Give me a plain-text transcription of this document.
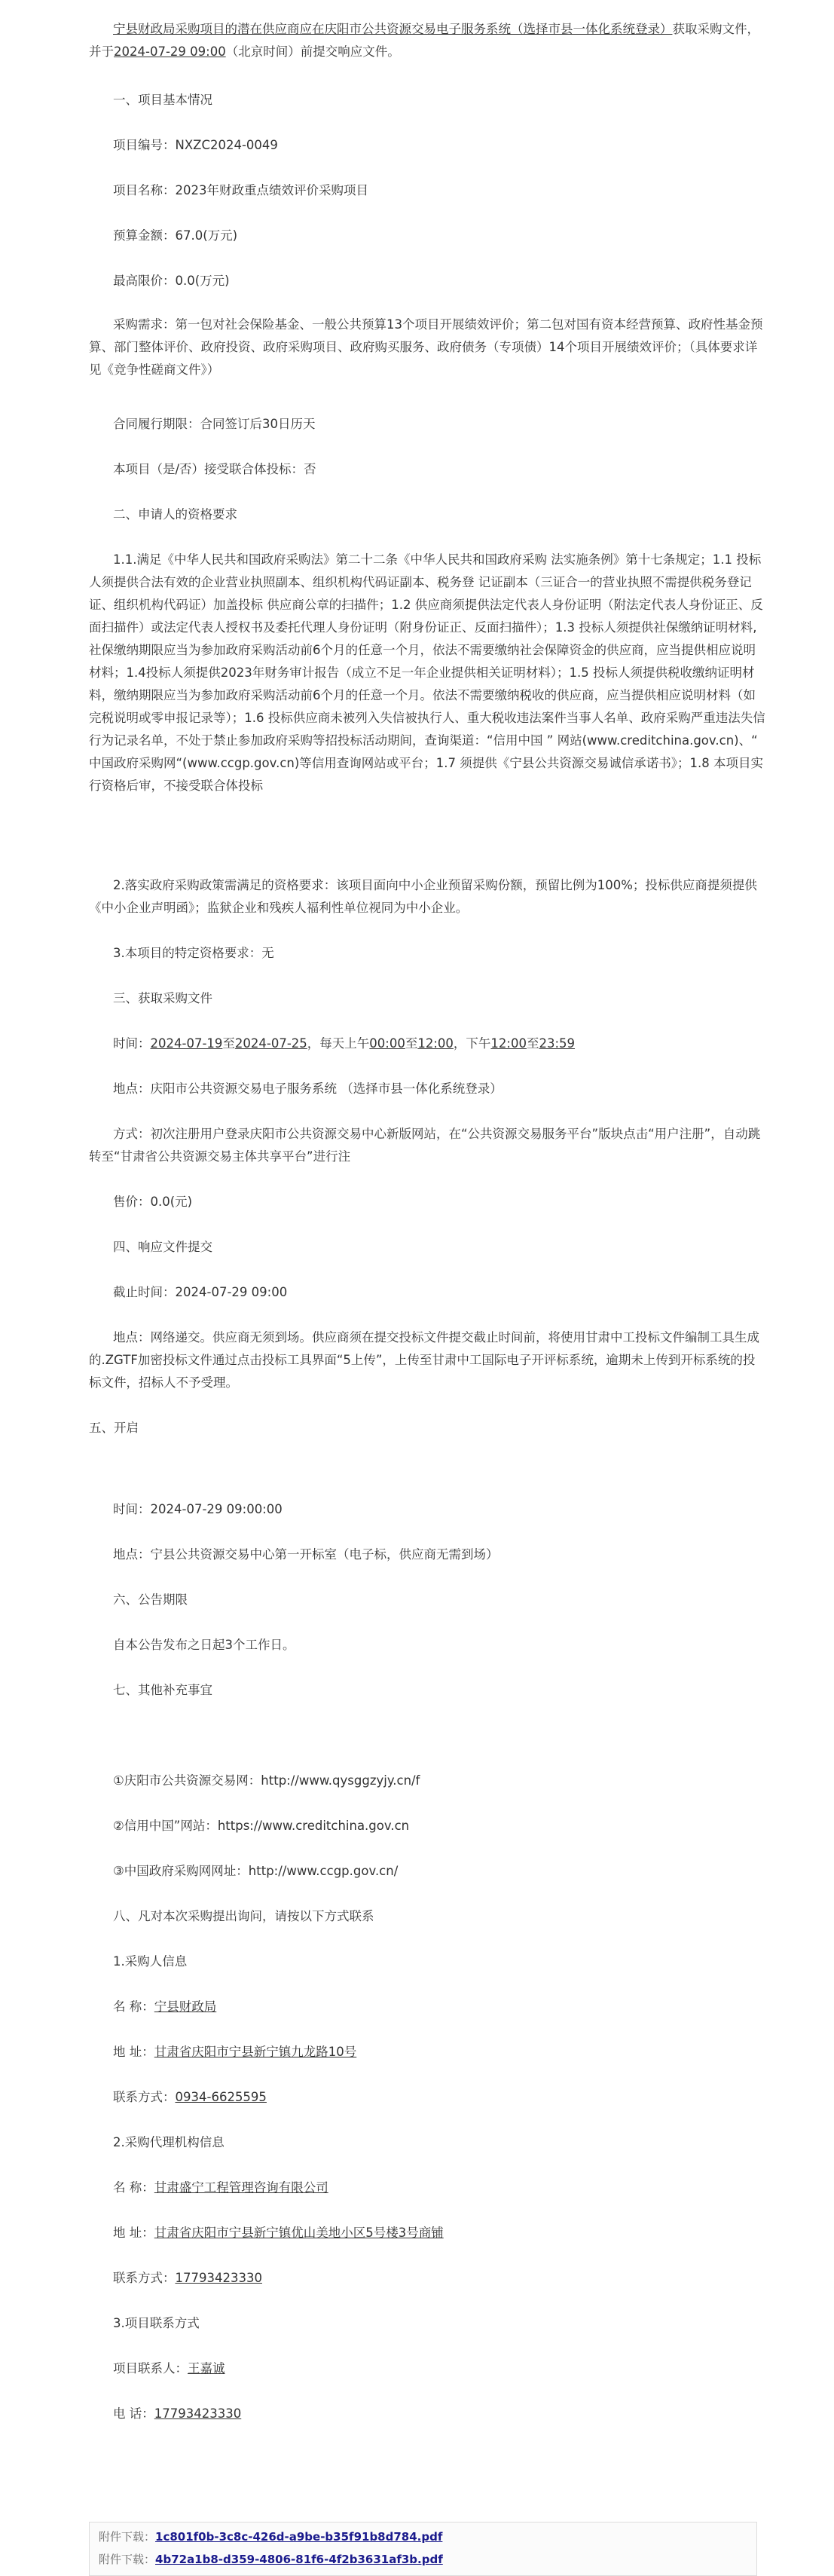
宁县财政局采购项目的潜在供应商应在庆阳市公共资源交易电子服务系统（选择市县一体化系统登录）获取采购文件，并于2024-07-29 09:00（北京时间）前提交响应文件。

一、项目基本情况

项目编号：NXZC2024-0049

项目名称：2023年财政重点绩效评价采购项目

预算金额：67.0(万元)

最高限价：0.0(万元)

采购需求：第一包对社会保险基金、一般公共预算13个项目开展绩效评价；第二包对国有资本经营预算、政府性基金预算、部门整体评价、政府投资、政府采购项目、政府购买服务、政府债务（专项债）14个项目开展绩效评价；（具体要求详见《竞争性磋商文件》）

合同履行期限：合同签订后30日历天

本项目（是/否）接受联合体投标：否

二、申请人的资格要求

1.1.满足《中华人民共和国政府采购法》第二十二条《中华人民共和国政府采购 法实施条例》第十七条规定；1.1 投标人须提供合法有效的企业营业执照副本、组织机构代码证副本、税务登 记证副本（三证合一的营业执照不需提供税务登记证、组织机构代码证）加盖投标 供应商公章的扫描件；1.2 供应商须提供法定代表人身份证明（附法定代表人身份证正、反面扫描件）或法定代表人授权书及委托代理人身份证明（附身份证正、反面扫描件）；1.3 投标人须提供社保缴纳证明材料,社保缴纳期限应当为参加政府采购活动前6个月的任意一个月，依法不需要缴纳社会保障资金的供应商，应当提供相应说明材料；1.4投标人须提供2023年财务审计报告（成立不足一年企业提供相关证明材料）；1.5 投标人须提供税收缴纳证明材料，缴纳期限应当为参加政府采购活动前6个月的任意一个月。依法不需要缴纳税收的供应商，应当提供相应说明材料（如完税说明或零申报记录等）；1.6 投标供应商未被列入失信被执行人、重大税收违法案件当事人名单、政府采购严重违法失信行为记录名单，不处于禁止参加政府采购等招投标活动期间，查询渠道：“信用中国 ” 网站(www.creditchina.gov.cn)、“ 中国政府采购网“(www.ccgp.gov.cn)等信用查询网站或平台；1.7 须提供《宁县公共资源交易诚信承诺书》；1.8 本项目实行资格后审，不接受联合体投标

2.落实政府采购政策需满足的资格要求：该项目面向中小企业预留采购份额，预留比例为100%；投标供应商提须提供《中小企业声明函》；监狱企业和残疾人福利性单位视同为中小企业。

3.本项目的特定资格要求：无

三、获取采购文件

时间：2024-07-19至2024-07-25，每天上午00:00至12:00，下午12:00至23:59

地点：庆阳市公共资源交易电子服务系统 （选择市县一体化系统登录）

方式：初次注册用户登录庆阳市公共资源交易中心新版网站，在“公共资源交易服务平台”版块点击“用户注册”，自动跳转至“甘肃省公共资源交易主体共享平台”进行注

售价：0.0(元)

四、响应文件提交

截止时间：2024-07-29 09:00

地点：网络递交。供应商无须到场。供应商须在提交投标文件提交截止时间前，将使用甘肃中工投标文件编制工具生成的.ZGTF加密投标文件通过点击投标工具界面“5上传”，上传至甘肃中工国际电子开评标系统，逾期未上传到开标系统的投标文件，招标人不予受理。

五、开启

时间：2024-07-29 09:00:00

地点：宁县公共资源交易中心第一开标室（电子标，供应商无需到场）

六、公告期限

自本公告发布之日起3个工作日。

七、其他补充事宜

①庆阳市公共资源交易网：http://www.qysggzyjy.cn/f

②信用中国”网站：https://www.creditchina.gov.cn

③中国政府采购网网址：http://www.ccgp.gov.cn/

八、凡对本次采购提出询问，请按以下方式联系

1.采购人信息

名 称：宁县财政局

地 址：甘肃省庆阳市宁县新宁镇九龙路10号

联系方式：0934-6625595

2.采购代理机构信息

名 称：甘肃盛宁工程管理咨询有限公司

地 址：甘肃省庆阳市宁县新宁镇优山美地小区5号楼3号商铺

联系方式：17793423330

3.项目联系方式

项目联系人：王嘉诚

电 话：17793423330

附件下载：1c801f0b-3c8c-426d-a9be-b35f91b8d784.pdf
附件下载：4b72a1b8-d359-4806-81f6-4f2b3631af3b.pdf
